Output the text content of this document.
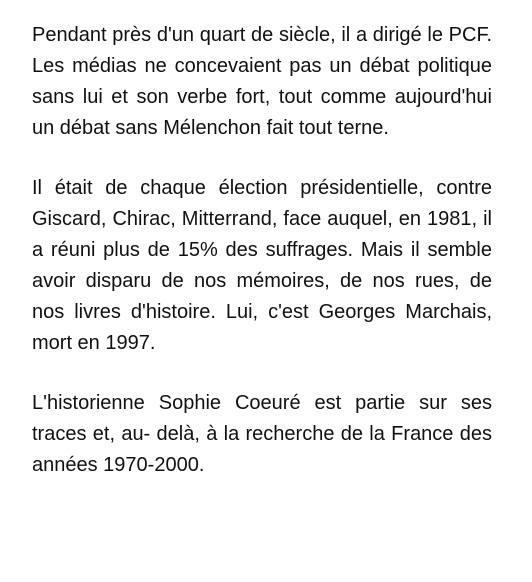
Pendant près d'un quart de siècle, il a dirigé le PCF. Les médias ne concevaient pas un débat politique sans lui et son verbe fort, tout comme aujourd'hui un débat sans Mélenchon fait tout terne.

Il était de chaque élection présidentielle, contre Giscard, Chirac, Mitterrand, face auquel, en 1981, il a réuni plus de 15% des suffrages. Mais il semble avoir disparu de nos mémoires, de nos rues, de nos livres d'histoire. Lui, c'est Georges Marchais, mort en 1997.

L'historienne Sophie Coeuré est partie sur ses traces et, au- delà, à la recherche de la France des années 1970-2000.
